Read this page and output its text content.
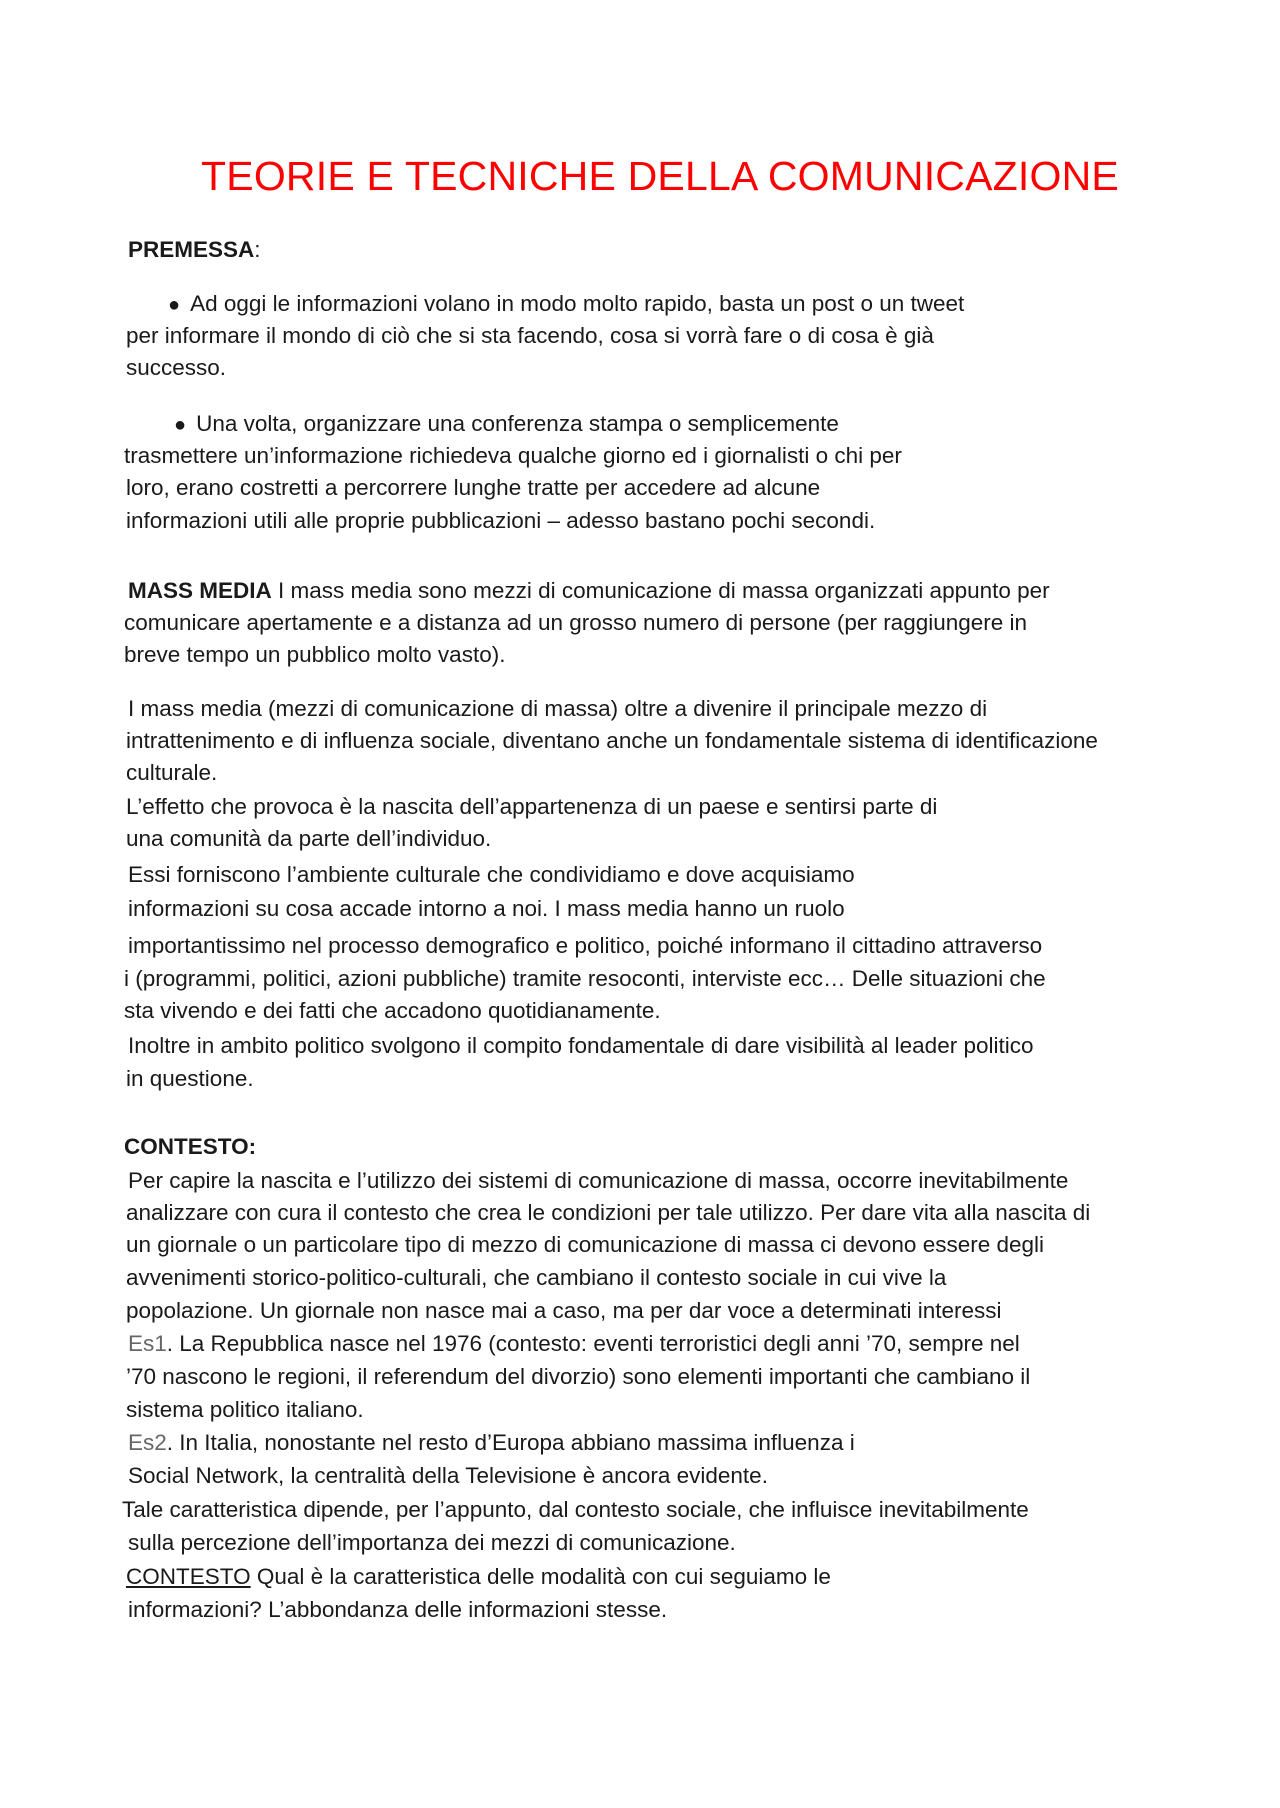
TEORIE E TECNICHE DELLA COMUNICAZIONE
PREMESSA:
● Ad oggi le informazioni volano in modo molto rapido, basta un post o un tweet
per informare il mondo di ciò che si sta facendo, cosa si vorrà fare o di cosa è già
successo.
● Una volta, organizzare una conferenza stampa o semplicemente
trasmettere un’informazione richiedeva qualche giorno ed i giornalisti o chi per
loro, erano costretti a percorrere lunghe tratte per accedere ad alcune
informazioni utili alle proprie pubblicazioni – adesso bastano pochi secondi.
MASS MEDIA I mass media sono mezzi di comunicazione di massa organizzati appunto per
comunicare apertamente e a distanza ad un grosso numero di persone (per raggiungere in
breve tempo un pubblico molto vasto).
I mass media (mezzi di comunicazione di massa) oltre a divenire il principale mezzo di
intrattenimento e di influenza sociale, diventano anche un fondamentale sistema di identificazione
culturale.
L’effetto che provoca è la nascita dell’appartenenza di un paese e sentirsi parte di
una comunità da parte dell’individuo.
Essi forniscono l’ambiente culturale che condividiamo e dove acquisiamo
informazioni su cosa accade intorno a noi. I mass media hanno un ruolo
importantissimo nel processo demografico e politico, poiché informano il cittadino attraverso
i (programmi, politici, azioni pubbliche) tramite resoconti, interviste ecc… Delle situazioni che
sta vivendo e dei fatti che accadono quotidianamente.
Inoltre in ambito politico svolgono il compito fondamentale di dare visibilità al leader politico
in questione.
CONTESTO:
Per capire la nascita e l’utilizzo dei sistemi di comunicazione di massa, occorre inevitabilmente
analizzare con cura il contesto che crea le condizioni per tale utilizzo. Per dare vita alla nascita di
un giornale o un particolare tipo di mezzo di comunicazione di massa ci devono essere degli
avvenimenti storico-politico-culturali, che cambiano il contesto sociale in cui vive la
popolazione. Un giornale non nasce mai a caso, ma per dar voce a determinati interessi
Es1. La Repubblica nasce nel 1976 (contesto: eventi terroristici degli anni ’70, sempre nel
’70 nascono le regioni, il referendum del divorzio) sono elementi importanti che cambiano il
sistema politico italiano.
Es2. In Italia, nonostante nel resto d’Europa abbiano massima influenza i
Social Network, la centralità della Televisione è ancora evidente.
Tale caratteristica dipende, per l’appunto, dal contesto sociale, che influisce inevitabilmente
sulla percezione dell’importanza dei mezzi di comunicazione.
CONTESTO Qual è la caratteristica delle modalità con cui seguiamo le
informazioni? L’abbondanza delle informazioni stesse.
